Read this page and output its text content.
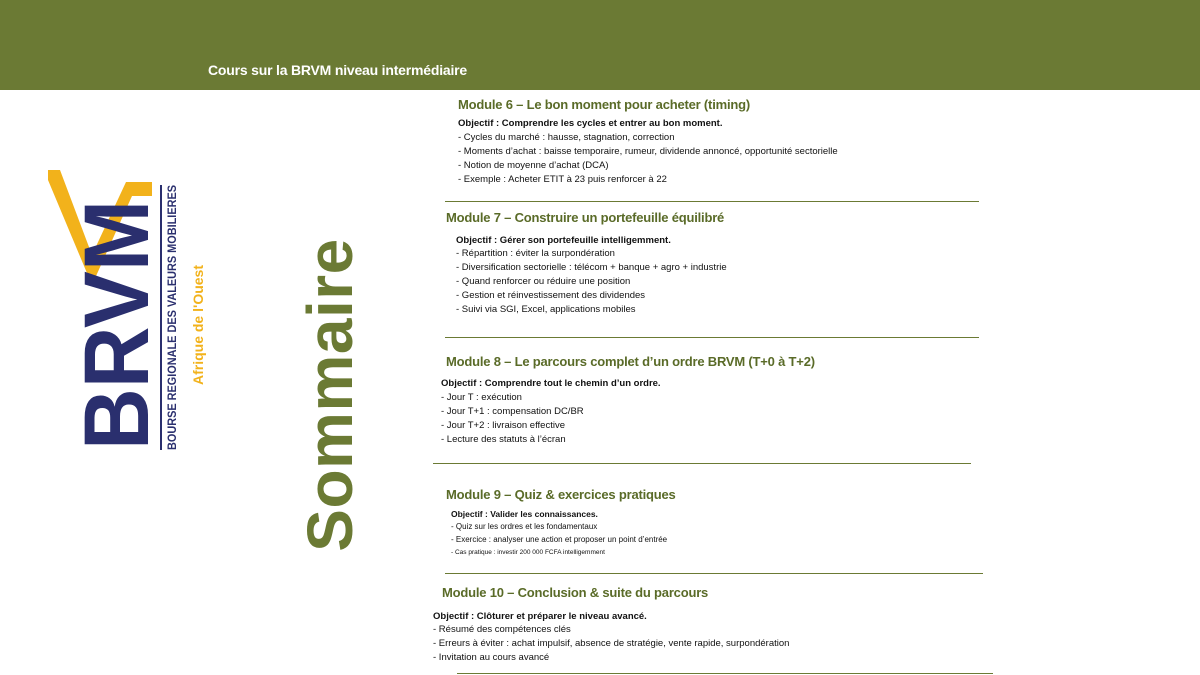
Cours sur la BRVM niveau intermédiaire
BRVM BOURSE REGIONALE DES VALEURS MOBILIERES Afrique de l'Ouest Sommaire
Module 6 – Le bon moment pour acheter (timing)
Objectif : Comprendre les cycles et entrer au bon moment.
- Cycles du marché : hausse, stagnation, correction
- Moments d’achat : baisse temporaire, rumeur, dividende annoncé, opportunité sectorielle
- Notion de moyenne d’achat (DCA)
- Exemple : Acheter ETIT à 23 puis renforcer à 22
Module 7 – Construire un portefeuille équilibré
Objectif : Gérer son portefeuille intelligemment.
- Répartition : éviter la surpondération
- Diversification sectorielle : télécom + banque + agro + industrie
- Quand renforcer ou réduire une position
- Gestion et réinvestissement des dividendes
- Suivi via SGI, Excel, applications mobiles
Module 8 – Le parcours complet d’un ordre BRVM (T+0 à T+2)
Objectif : Comprendre tout le chemin d’un ordre.
- Jour T : exécution
- Jour T+1 : compensation DC/BR
- Jour T+2 : livraison effective
- Lecture des statuts à l’écran
Module 9 – Quiz & exercices pratiques
Objectif : Valider les connaissances.
- Quiz sur les ordres et les fondamentaux
- Exercice : analyser une action et proposer un point d’entrée
- Cas pratique : investir 200 000 FCFA intelligemment
Module 10 – Conclusion & suite du parcours
Objectif : Clôturer et préparer le niveau avancé.
- Résumé des compétences clés
- Erreurs à éviter : achat impulsif, absence de stratégie, vente rapide, surpondération
- Invitation au cours avancé
